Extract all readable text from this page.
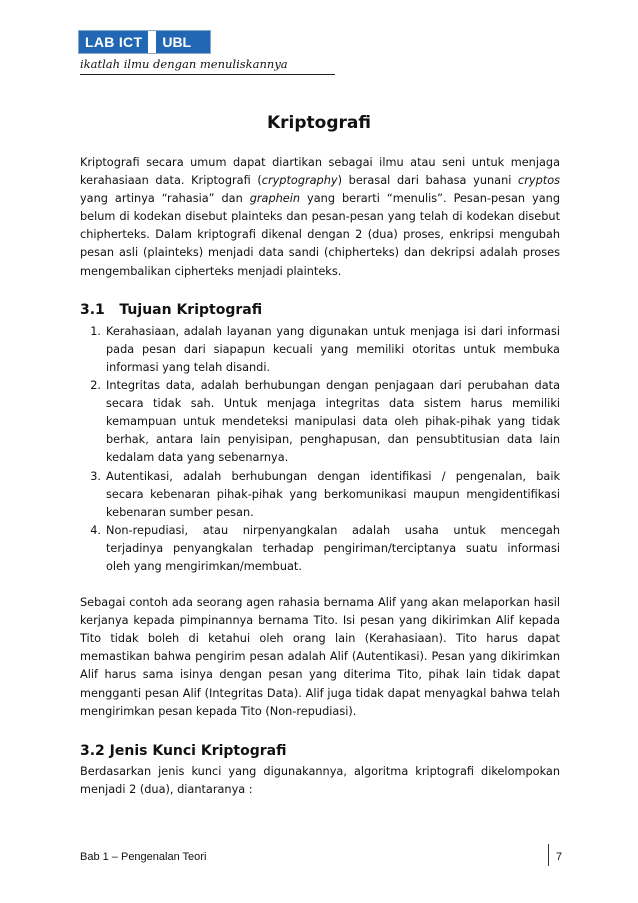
LAB ICT	UBL
ikatlah ilmu dengan menuliskannya
Kriptografi

Kriptografi secara umum dapat diartikan sebagai ilmu atau seni untuk menjaga
kerahasiaan data. Kriptografi (cryptography) berasal dari bahasa yunani cryptos
yang artinya “rahasia” dan graphein yang berarti “menulis”. Pesan-pesan yang
belum di kodekan disebut plainteks dan pesan-pesan yang telah di kodekan disebut
chipherteks. Dalam kriptografi dikenal dengan 2 (dua) proses, enkripsi mengubah
pesan asli (plainteks) menjadi data sandi (chipherteks) dan dekripsi adalah proses
mengembalikan cipherteks menjadi plainteks.

3.1   Tujuan Kriptografi

1. Kerahasiaan, adalah layanan yang digunakan untuk menjaga isi dari informasi
pada pesan dari siapapun kecuali yang memiliki otoritas untuk membuka
informasi yang telah disandi.
2. Integritas data, adalah berhubungan dengan penjagaan dari perubahan data
secara tidak sah. Untuk menjaga integritas data sistem harus memiliki
kemampuan untuk mendeteksi manipulasi data oleh pihak-pihak yang tidak
berhak, antara lain penyisipan, penghapusan, dan pensubtitusian data lain
kedalam data yang sebenarnya.
3. Autentikasi, adalah berhubungan dengan identifikasi / pengenalan, baik
secara kebenaran pihak-pihak yang berkomunikasi maupun mengidentifikasi
kebenaran sumber pesan.
4. Non-repudiasi, atau nirpenyangkalan adalah usaha untuk mencegah
terjadinya penyangkalan terhadap pengiriman/terciptanya suatu informasi
oleh yang mengirimkan/membuat.

Sebagai contoh ada seorang agen rahasia bernama Alif yang akan melaporkan hasil
kerjanya kepada pimpinannya bernama Tito. Isi pesan yang dikirimkan Alif kepada
Tito tidak boleh di ketahui oleh orang lain (Kerahasiaan). Tito harus dapat
memastikan bahwa pengirim pesan adalah Alif (Autentikasi). Pesan yang dikirimkan
Alif harus sama isinya dengan pesan yang diterima Tito, pihak lain tidak dapat
mengganti pesan Alif (Integritas Data). Alif juga tidak dapat menyagkal bahwa telah
mengirimkan pesan kepada Tito (Non-repudiasi).

3.2 Jenis Kunci Kriptografi

Berdasarkan jenis kunci yang digunakannya, algoritma kriptografi dikelompokan
menjadi 2 (dua), diantaranya :

Bab 1 – Pengenalan Teori	7
